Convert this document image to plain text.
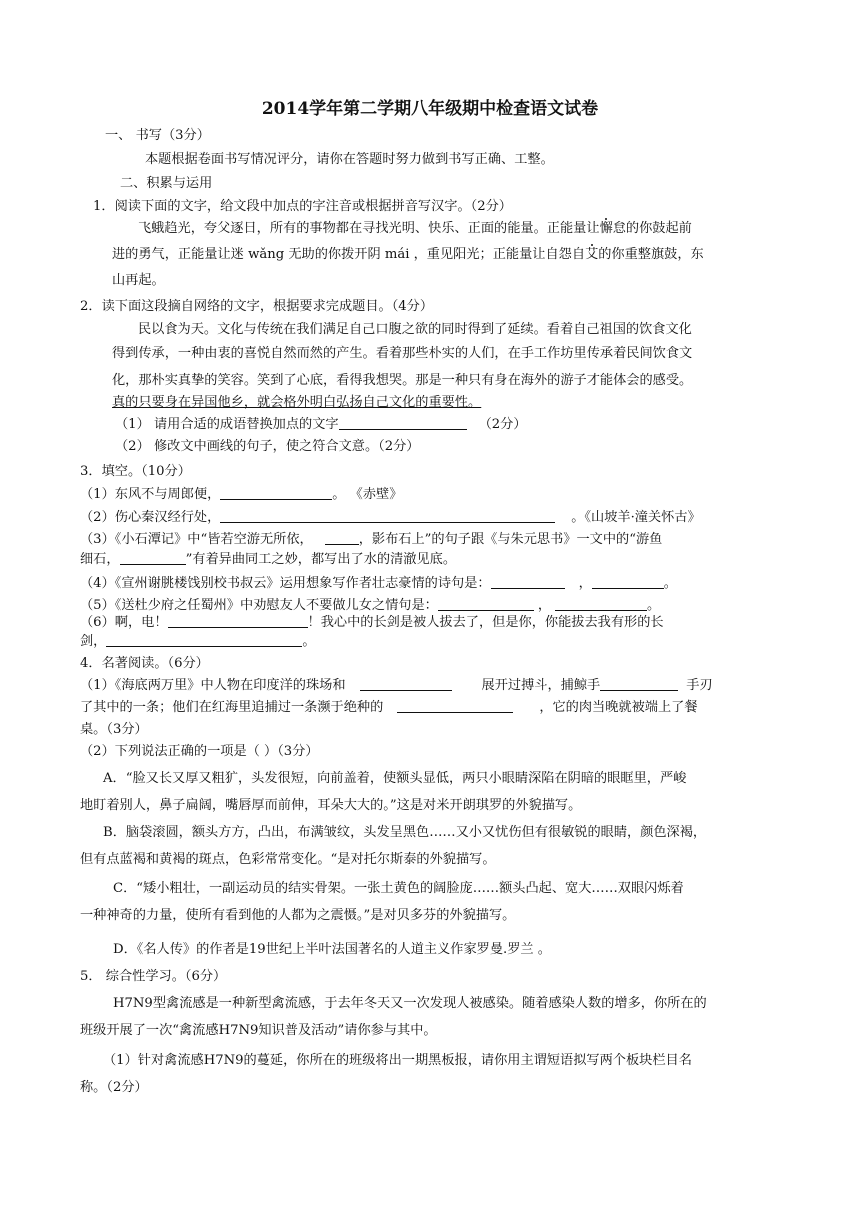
2014学年第二学期八年级期中检查语文试卷
一、 书写（3分）
本题根据卷面书写情况评分，请你在答题时努力做到书写正确、工整。
二、积累与运用
1．阅读下面的文字，给文段中加点的字注音或根据拼音写汉字。（2分）
飞蛾趋光，夸父逐日，所有的事物都在寻找光明、快乐、正面的能量。正能量让懈怠的你鼓起前
进的勇气，正能量让迷 wǎng 无助的你拨开阴 mái ，重见阳光；正能量让自怨自艾的你重整旗鼓，东
山再起。
2．读下面这段摘自网络的文字，根据要求完成题目。（4分）
民以食为天。文化与传统在我们满足自己口腹之欲的同时得到了延续。看着自己祖国的饮食文化
得到传承，一种由衷的喜悦自然而然的产生。看着那些朴实的人们，在手工作坊里传承着民间饮食文
化，那朴实真挚的笑容。笑到了心底，看得我想哭。那是一种只有身在海外的游子才能体会的感受。
真的只要身在异国他乡，就会格外明白弘扬自己文化的重要性。
（1） 请用合适的成语替换加点的文字	（2分）
（2） 修改文中画线的句子，使之符合文意。（2分）
3．填空。（10分）
（1）东风不与周郎便，	。 《赤壁》
（2）伤心秦汉经行处，	。《山坡羊·潼关怀古》
（3）《小石潭记》中“皆若空游无所依，	，影布石上”的句子跟《与朱元思书》一文中的“游鱼
细石，	”有着异曲同工之妙，都写出了水的清澈见底。
（4）《宣州谢朓楼饯别校书叔云》运用想象写作者壮志豪情的诗句是：	，	。
（5）《送杜少府之任蜀州》中劝慰友人不要做儿女之情句是：	，	。
（6）啊，电！	！我心中的长剑是被人拔去了，但是你，你能拔去我有形的长
剑，	。
4．名著阅读。（6分）
（1）《海底两万里》中人物在印度洋的珠场和	展开过搏斗，捕鲸手	手刃
了其中的一条；他们在红海里追捕过一条濒于绝种的	，它的肉当晚就被端上了餐
桌。（3分）
（2）下列说法正确的一项是（ ）（3分）
A．“脸又长又厚又粗犷，头发很短，向前盖着，使额头显低，两只小眼睛深陷在阴暗的眼眶里，严峻
地盯着别人，鼻子扁阔，嘴唇厚而前伸，耳朵大大的。”这是对米开朗琪罗的外貌描写。
B．脑袋滚圆，额头方方，凸出，布满皱纹，头发呈黑色……又小又忧伤但有很敏锐的眼睛，颜色深褐，
但有点蓝褐和黄褐的斑点，色彩常常变化。“是对托尔斯泰的外貌描写。
C．“矮小粗壮，一副运动员的结实骨架。一张土黄色的阔脸庞……额头凸起、宽大……双眼闪烁着
一种神奇的力量，使所有看到他的人都为之震慑。”是对贝多芬的外貌描写。
D．《名人传》的作者是19世纪上半叶法国著名的人道主义作家罗曼.罗兰 。
5． 综合性学习。（6分）
H7N9型禽流感是一种新型禽流感，于去年冬天又一次发现人被感染。随着感染人数的增多，你所在的
班级开展了一次“禽流感H7N9知识普及活动”请你参与其中。
（1）针对禽流感H7N9的蔓延，你所在的班级将出一期黑板报，请你用主谓短语拟写两个板块栏目名
称。（2分）
